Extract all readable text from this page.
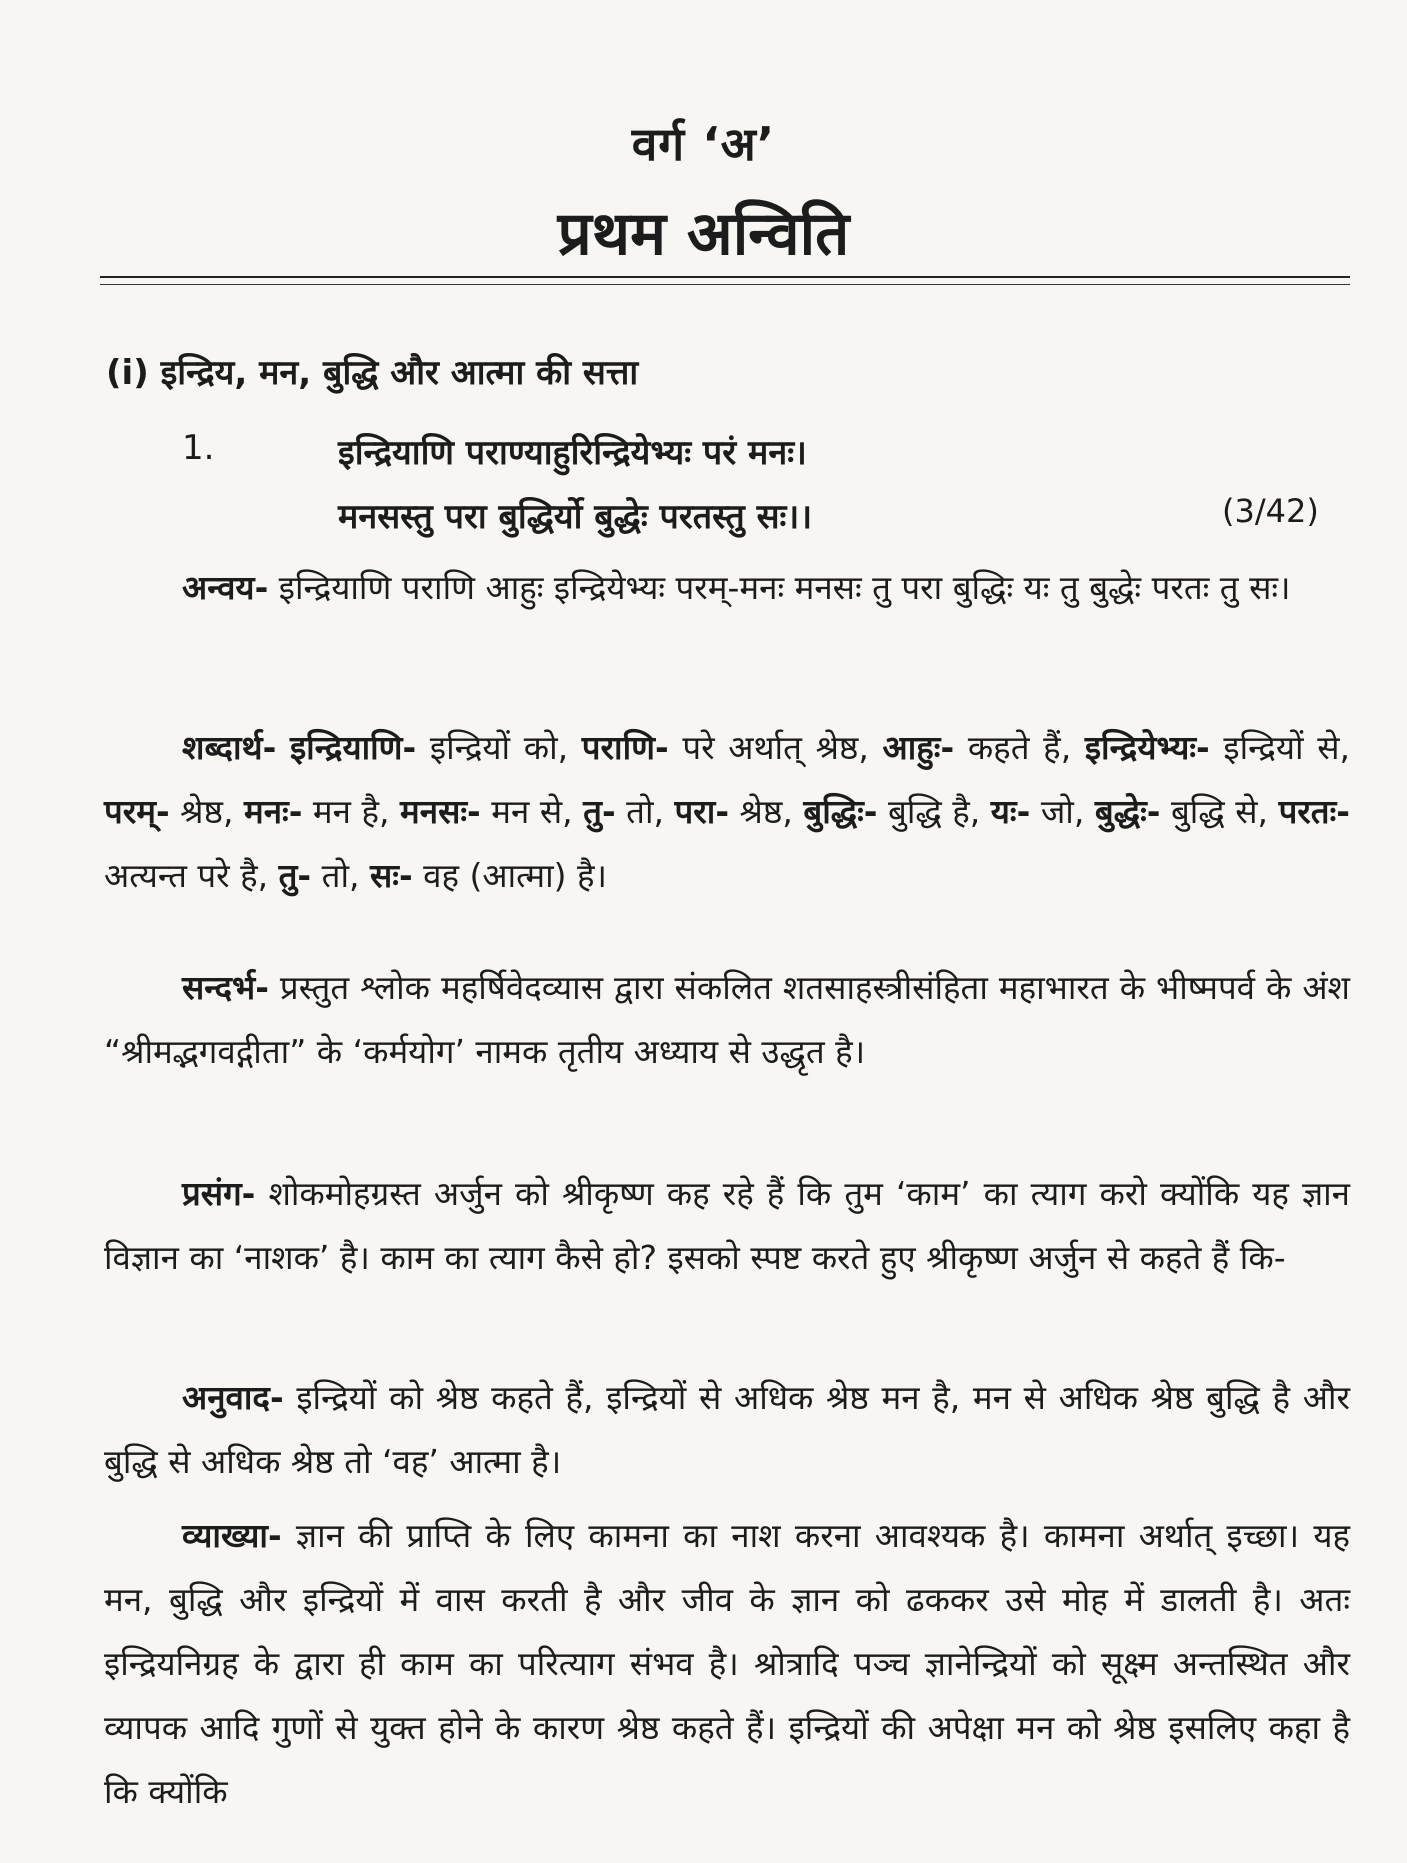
वर्ग ‘अ’
प्रथम अन्विति
(i) इन्द्रिय, मन, बुद्धि और आत्मा की सत्ता
1.	इन्द्रियाणि पराण्याहुरिन्द्रियेभ्यः परं मनः।
मनसस्तु परा बुद्धिर्यो बुद्धेः परतस्तु सः।।	(3/42)
अन्वय- इन्द्रियाणि पराणि आहुः इन्द्रियेभ्यः परम्-मनः मनसः तु परा बुद्धिः यः तु बुद्धेः परतः तु सः।
शब्दार्थ- इन्द्रियाणि- इन्द्रियों को, पराणि- परे अर्थात् श्रेष्ठ, आहुः- कहते हैं, इन्द्रियेभ्यः- इन्द्रियों से, परम्- श्रेष्ठ, मनः- मन है, मनसः- मन से, तु- तो, परा- श्रेष्ठ, बुद्धिः- बुद्धि है, यः- जो, बुद्धेः- बुद्धि से, परतः- अत्यन्त परे है, तु- तो, सः- वह (आत्मा) है।
सन्दर्भ- प्रस्तुत श्लोक महर्षिवेदव्यास द्वारा संकलित शतसाहस्त्रीसंहिता महाभारत के भीष्मपर्व के अंश “श्रीमद्भगवद्गीता” के ‘कर्मयोग’ नामक तृतीय अध्याय से उद्धृत है।
प्रसंग- शोकमोहग्रस्त अर्जुन को श्रीकृष्ण कह रहे हैं कि तुम ‘काम’ का त्याग करो क्योंकि यह ज्ञान विज्ञान का ‘नाशक’ है। काम का त्याग कैसे हो? इसको स्पष्ट करते हुए श्रीकृष्ण अर्जुन से कहते हैं कि-
अनुवाद- इन्द्रियों को श्रेष्ठ कहते हैं, इन्द्रियों से अधिक श्रेष्ठ मन है, मन से अधिक श्रेष्ठ बुद्धि है और बुद्धि से अधिक श्रेष्ठ तो ‘वह’ आत्मा है।
व्याख्या- ज्ञान की प्राप्ति के लिए कामना का नाश करना आवश्यक है। कामना अर्थात् इच्छा। यह मन, बुद्धि और इन्द्रियों में वास करती है और जीव के ज्ञान को ढककर उसे मोह में डालती है। अतः इन्द्रियनिग्रह के द्वारा ही काम का परित्याग संभव है। श्रोत्रादि पञ्च ज्ञानेन्द्रियों को सूक्ष्म अन्तस्थित और व्यापक आदि गुणों से युक्त होने के कारण श्रेष्ठ कहते हैं। इन्द्रियों की अपेक्षा मन को श्रेष्ठ इसलिए कहा है कि क्योंकि
